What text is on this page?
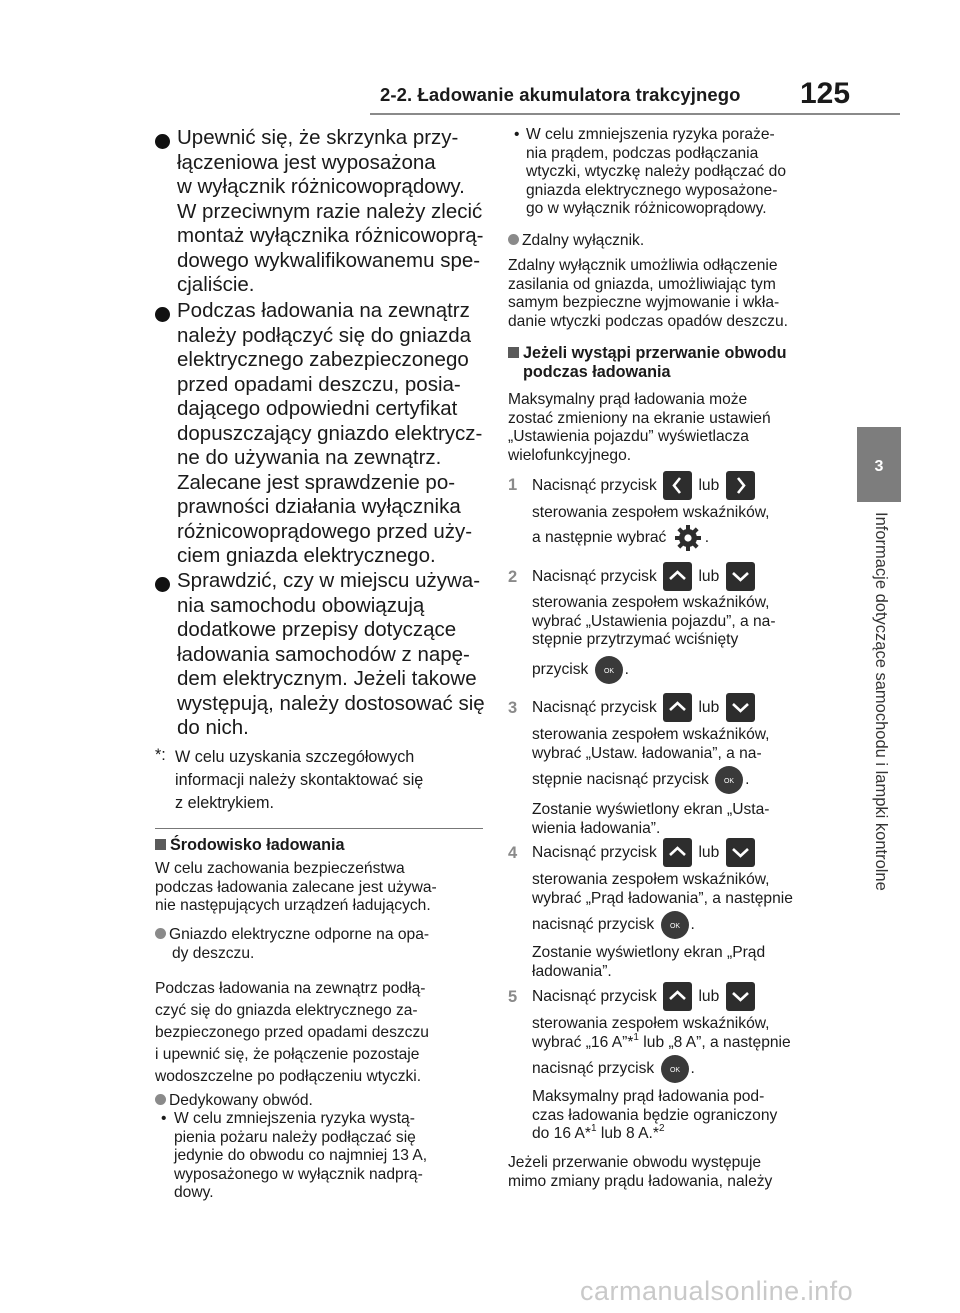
2-2. Ładowanie akumulatora trakcyjnego 125
3
Informacje dotyczące samochodu i lampki kontrolne
Upewnić się, że skrzynka przy-
łączeniowa jest wyposażona
w wyłącznik różnicowoprądowy.
W przeciwnym razie należy zlecić
montaż wyłącznika różnicowoprą-
dowego wykwalifikowanemu spe-
cjaliście.
Podczas ładowania na zewnątrz
należy podłączyć się do gniazda
elektrycznego zabezpieczonego
przed opadami deszczu, posia-
dającego odpowiedni certyfikat
dopuszczający gniazdo elektrycz-
ne do używania na zewnątrz.
Zalecane jest sprawdzenie po-
prawności działania wyłącznika
różnicowoprądowego przed uży-
ciem gniazda elektrycznego.
Sprawdzić, czy w miejscu używa-
nia samochodu obowiązują
dodatkowe przepisy dotyczące
ładowania samochodów z napę-
dem elektrycznym. Jeżeli takowe
występują, należy dostosować się
do nich.
*: W celu uzyskania szczegółowych
informacji należy skontaktować się
z elektrykiem.
Środowisko ładowania
W celu zachowania bezpieczeństwa
podczas ładowania zalecane jest używa-
nie następujących urządzeń ładujących.
Gniazdo elektryczne odporne na opa-
dy deszczu.
Podczas ładowania na zewnątrz podłą-
czyć się do gniazda elektrycznego za-
bezpieczonego przed opadami deszczu
i upewnić się, że połączenie pozostaje
wodoszczelne po podłączeniu wtyczki.
Dedykowany obwód.
• W celu zmniejszenia ryzyka wystą-
pienia pożaru należy podłączać się
jedynie do obwodu co najmniej 13 A,
wyposażonego w wyłącznik nadprą-
dowy.
• W celu zmniejszenia ryzyka poraże-
nia prądem, podczas podłączania
wtyczki, wtyczkę należy podłączać do
gniazda elektrycznego wyposażone-
go w wyłącznik różnicowoprądowy.
Zdalny wyłącznik.
Zdalny wyłącznik umożliwia odłączenie
zasilania od gniazda, umożliwiając tym
samym bezpieczne wyjmowanie i wkła-
danie wtyczki podczas opadów deszczu.
Jeżeli wystąpi przerwanie obwodu
podczas ładowania
Maksymalny prąd ładowania może
zostać zmieniony na ekranie ustawień
„Ustawienia pojazdu” wyświetlacza
wielofunkcyjnego.
1 Nacisnąć przycisk	lub
sterowania zespołem wskaźników,
a następnie wybrać .
2 Nacisnąć przycisk	lub
sterowania zespołem wskaźników,
wybrać „Ustawienia pojazdu”, a na-
stępnie przytrzymać wciśnięty
przycisk OK .
3 Nacisnąć przycisk	lub
sterowania zespołem wskaźników,
wybrać „Ustaw. ładowania”, a na-
stępnie nacisnąć przycisk OK .
Zostanie wyświetlony ekran „Usta-
wienia ładowania”.
4 Nacisnąć przycisk	lub
sterowania zespołem wskaźników,
wybrać „Prąd ładowania”, a następnie
nacisnąć przycisk OK .
Zostanie wyświetlony ekran „Prąd
ładowania”.
5 Nacisnąć przycisk	lub
sterowania zespołem wskaźników,
wybrać „16 A”*$^1$ lub „8 A”, a następnie
nacisnąć przycisk OK .
Maksymalny prąd ładowania pod-
czas ładowania będzie ograniczony
do 16 A*$^1$ lub 8 A.*$^2$
Jeżeli przerwanie obwodu występuje
mimo zmiany prądu ładowania, należy
carmanualsonline.info
